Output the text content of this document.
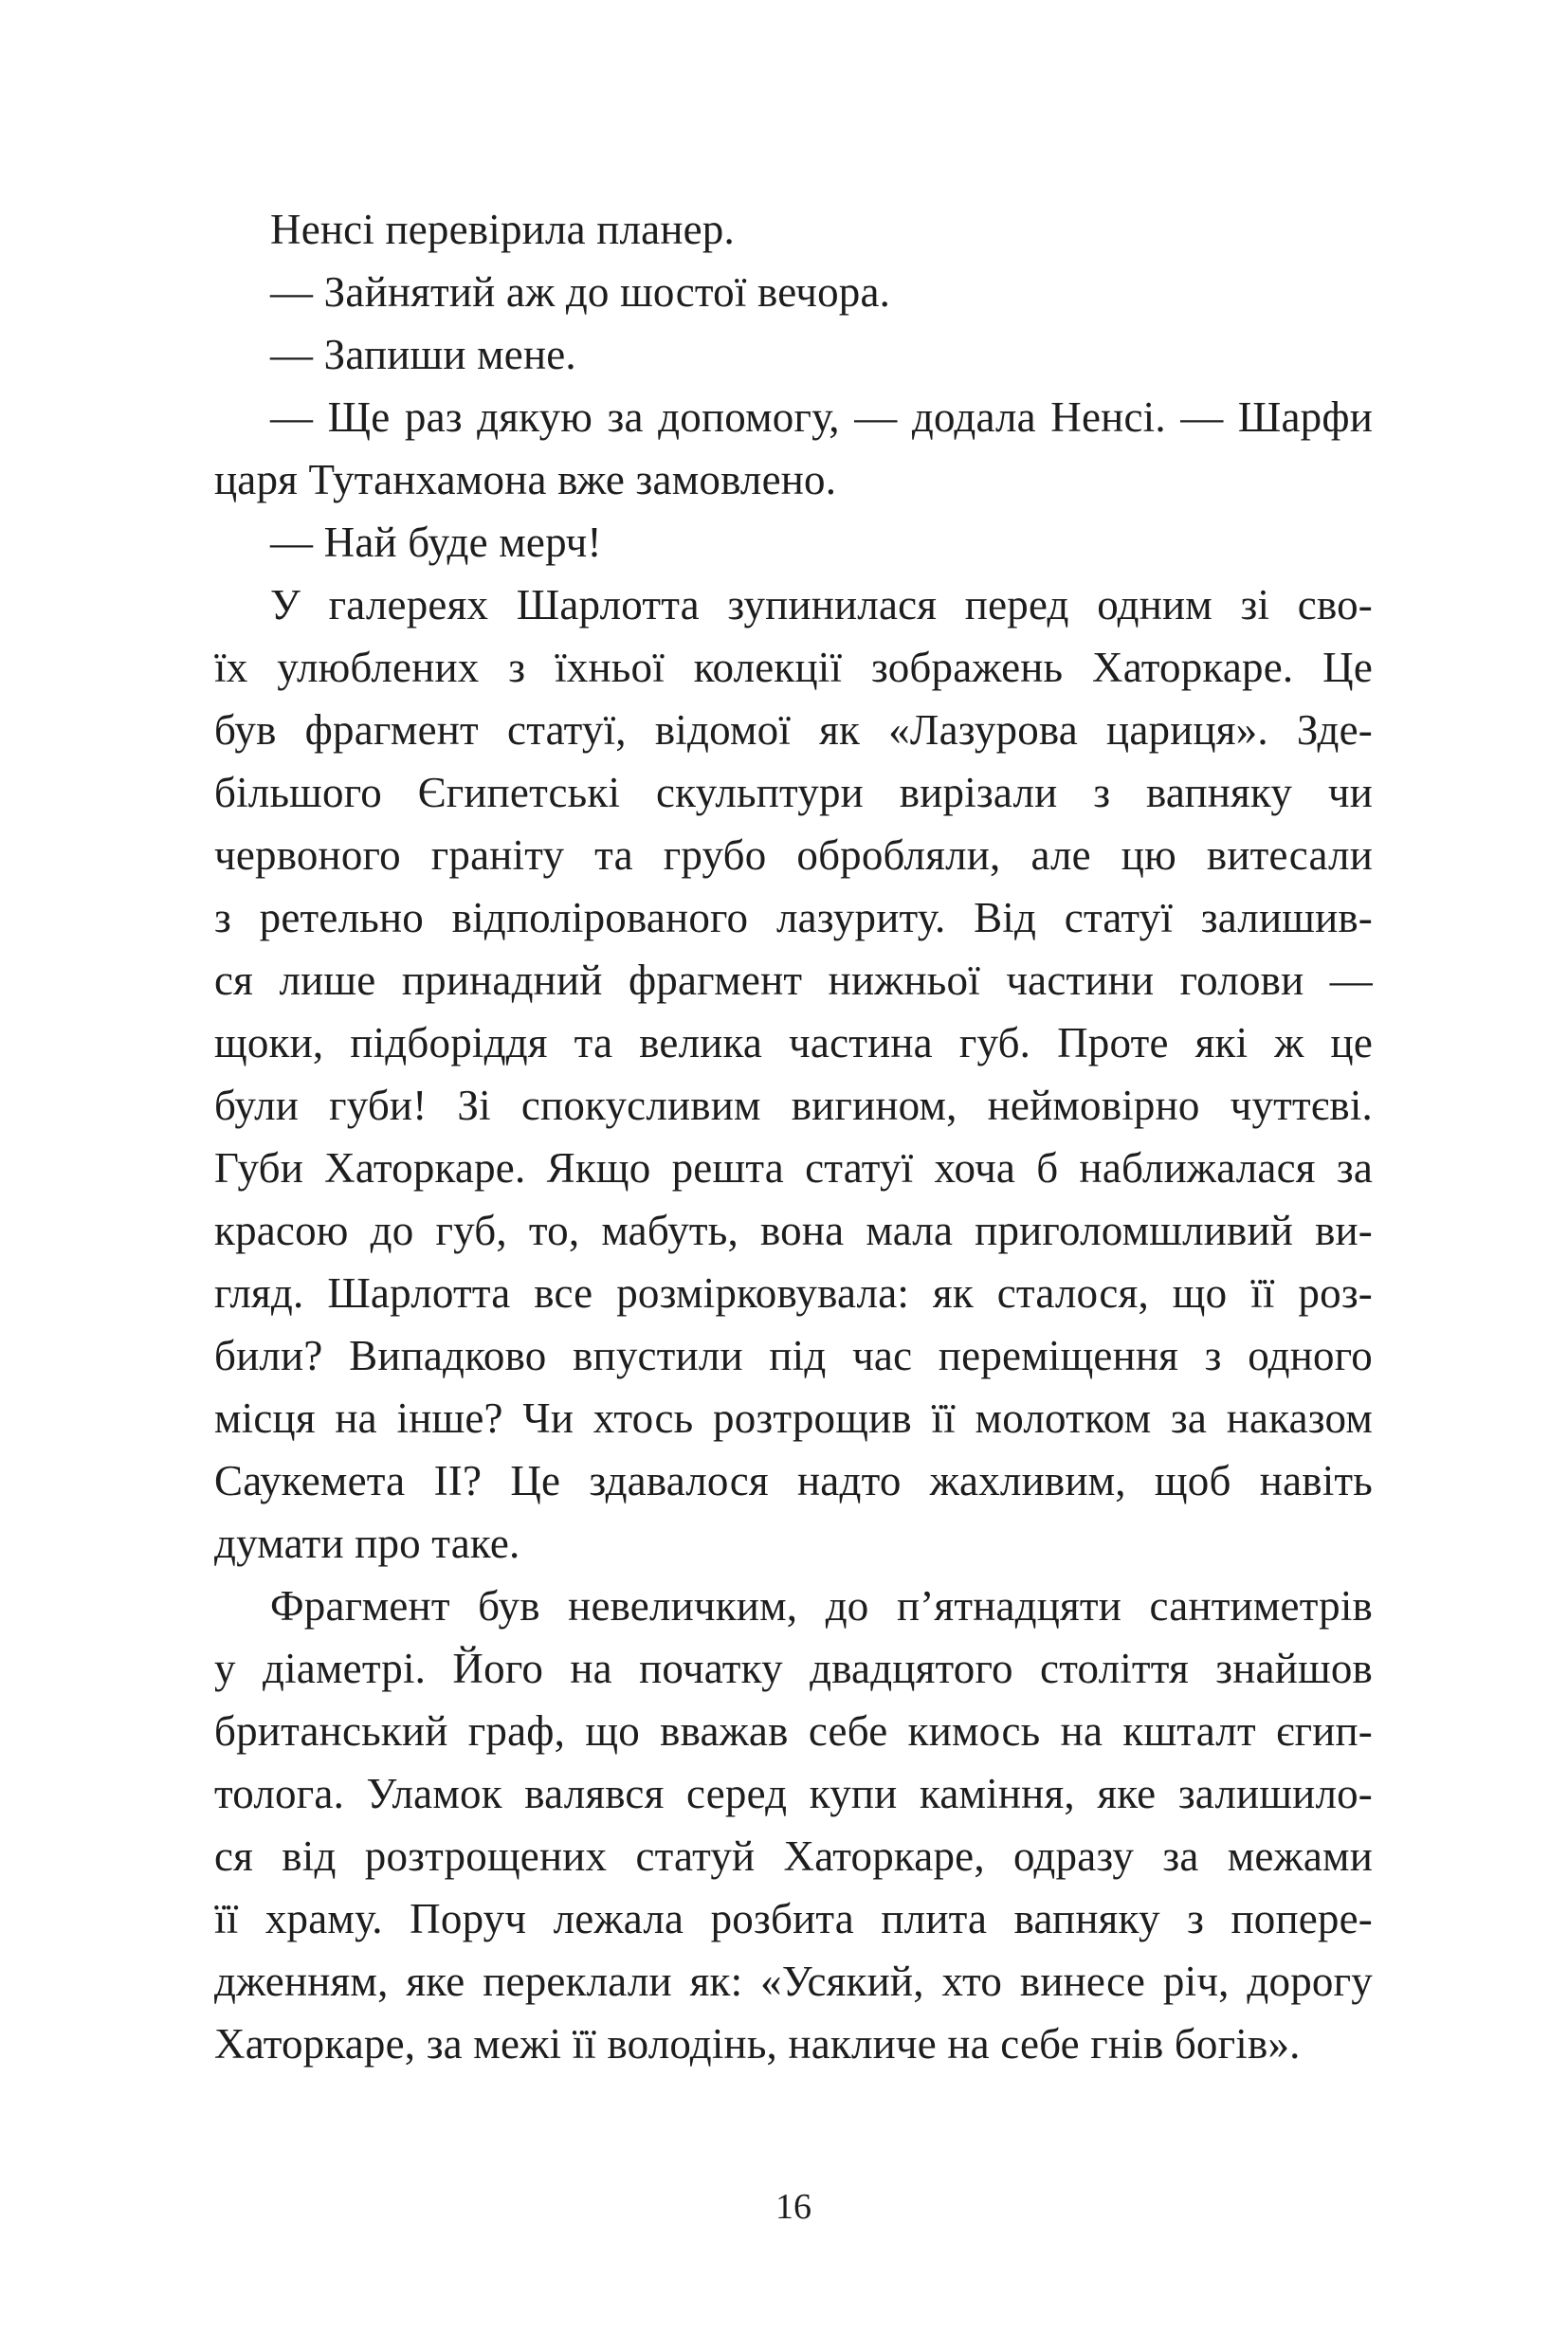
Ненсі перевірила планер.
— Зайнятий аж до шостої вечора.
— Запиши мене.
— Ще раз дякую за допомогу, — додала Ненсі. — Шарфи
царя Тутанхамона вже замовлено.
— Най буде мерч!
У галереях Шарлотта зупинилася перед одним зі сво-
їх улюблених з їхньої колекції зображень Хаторкаре. Це
був фрагмент статуї, відомої як «Лазурова цариця». Зде-
більшого Єгипетські скульптури вирізали з вапняку чи
червоного граніту та грубо обробляли, але цю витесали
з ретельно відполірованого лазуриту. Від статуї залишив-
ся лише принадний фрагмент нижньої частини голови —
щоки, підборіддя та велика частина губ. Проте які ж це
були губи! Зі спокусливим вигином, неймовірно чуттєві.
Губи Хаторкаре. Якщо решта статуї хоча б наближалася за
красою до губ, то, мабуть, вона мала приголомшливий ви-
гляд. Шарлотта все розмірковувала: як сталося, що її роз-
били? Випадково впустили під час переміщення з одного
місця на інше? Чи хтось розтрощив її молотком за наказом
Саукемета II? Це здавалося надто жахливим, щоб навіть
думати про таке.
Фрагмент був невеличким, до п’ятнадцяти сантиметрів
у діаметрі. Його на початку двадцятого століття знайшов
британський граф, що вважав себе кимось на кшталт єгип-
толога. Уламок валявся серед купи каміння, яке залишило-
ся від розтрощених статуй Хаторкаре, одразу за межами
її храму. Поруч лежала розбита плита вапняку з попере-
дженням, яке переклали як: «Усякий, хто винесе річ, дорогу
Хаторкаре, за межі її володінь, накличе на себе гнів богів».
16
